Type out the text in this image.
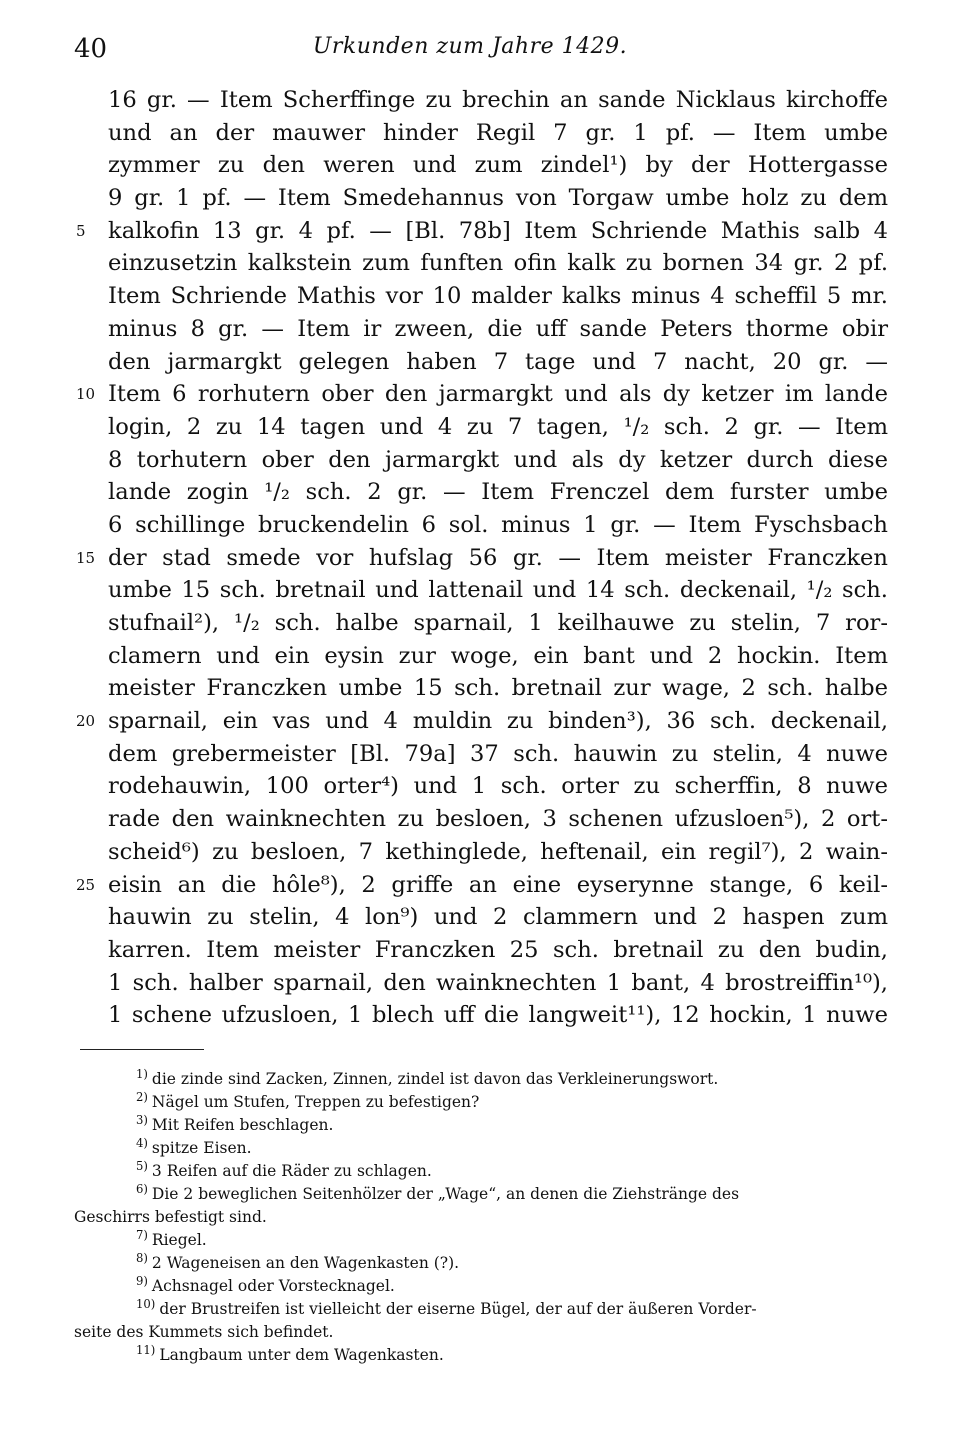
40	Urkunden zum Jahre 1429.
5
10
15
20
25
16 gr. — Item Scherffinge zu brechin an sande Nicklaus kirchoffe
und an der mauwer hinder Regil 7 gr. 1 pf. — Item umbe
zymmer zu den weren und zum zindel¹) by der Hottergasse
9 gr. 1 pf. — Item Smedehannus von Torgaw umbe holz zu dem
kalkofin 13 gr. 4 pf. — [Bl. 78b] Item Schriende Mathis salb 4
einzusetzin kalkstein zum funften ofin kalk zu bornen 34 gr. 2 pf.
Item Schriende Mathis vor 10 malder kalks minus 4 scheffil 5 mr.
minus 8 gr. — Item ir zween, die uff sande Peters thorme obir
den jarmargkt gelegen haben 7 tage und 7 nacht, 20 gr. —
Item 6 rorhutern ober den jarmargkt und als dy ketzer im lande
login, 2 zu 14 tagen und 4 zu 7 tagen, ¹/₂ sch. 2 gr. — Item
8 torhutern ober den jarmargkt und als dy ketzer durch diese
lande zogin ¹/₂ sch. 2 gr. — Item Frenczel dem furster umbe
6 schillinge bruckendelin 6 sol. minus 1 gr. — Item Fyschsbach
der stad smede vor hufslag 56 gr. — Item meister Franczken
umbe 15 sch. bretnail und lattenail und 14 sch. deckenail, ¹/₂ sch.
stufnail²), ¹/₂ sch. halbe sparnail, 1 keilhauwe zu stelin, 7 ror-
clamern und ein eysin zur woge, ein bant und 2 hockin. Item
meister Franczken umbe 15 sch. bretnail zur wage, 2 sch. halbe
sparnail, ein vas und 4 muldin zu binden³), 36 sch. deckenail,
dem grebermeister [Bl. 79a] 37 sch. hauwin zu stelin, 4 nuwe
rodehauwin, 100 orter⁴) und 1 sch. orter zu scherffin, 8 nuwe
rade den wainknechten zu besloen, 3 schenen ufzusloen⁵), 2 ort-
scheid⁶) zu besloen, 7 kethinglede, heftenail, ein regil⁷), 2 wain-
eisin an die hôle⁸), 2 griffe an eine eyserynne stange, 6 keil-
hauwin zu stelin, 4 lon⁹) und 2 clammern und 2 haspen zum
karren. Item meister Franczken 25 sch. bretnail zu den budin,
1 sch. halber sparnail, den wainknechten 1 bant, 4 brostreiffin¹⁰),
1 schene ufzusloen, 1 blech uff die langweit¹¹), 12 hockin, 1 nuwe
$^{1)}$ die zinde sind Zacken, Zinnen, zindel ist davon das Verkleinerungswort.
$^{2)}$ Nägel um Stufen, Treppen zu befestigen?
$^{3)}$ Mit Reifen beschlagen.
$^{4)}$ spitze Eisen.
$^{5)}$ 3 Reifen auf die Räder zu schlagen.
$^{6)}$ Die 2 beweglichen Seitenhölzer der „Wage“, an denen die Ziehstränge des
Geschirrs befestigt sind.
$^{7)}$ Riegel.
$^{8)}$ 2 Wageneisen an den Wagenkasten (?).
$^{9)}$ Achsnagel oder Vorstecknagel.
$^{10)}$ der Brustreifen ist vielleicht der eiserne Bügel, der auf der äußeren Vorder-
seite des Kummets sich befindet.
$^{11)}$ Langbaum unter dem Wagenkasten.
